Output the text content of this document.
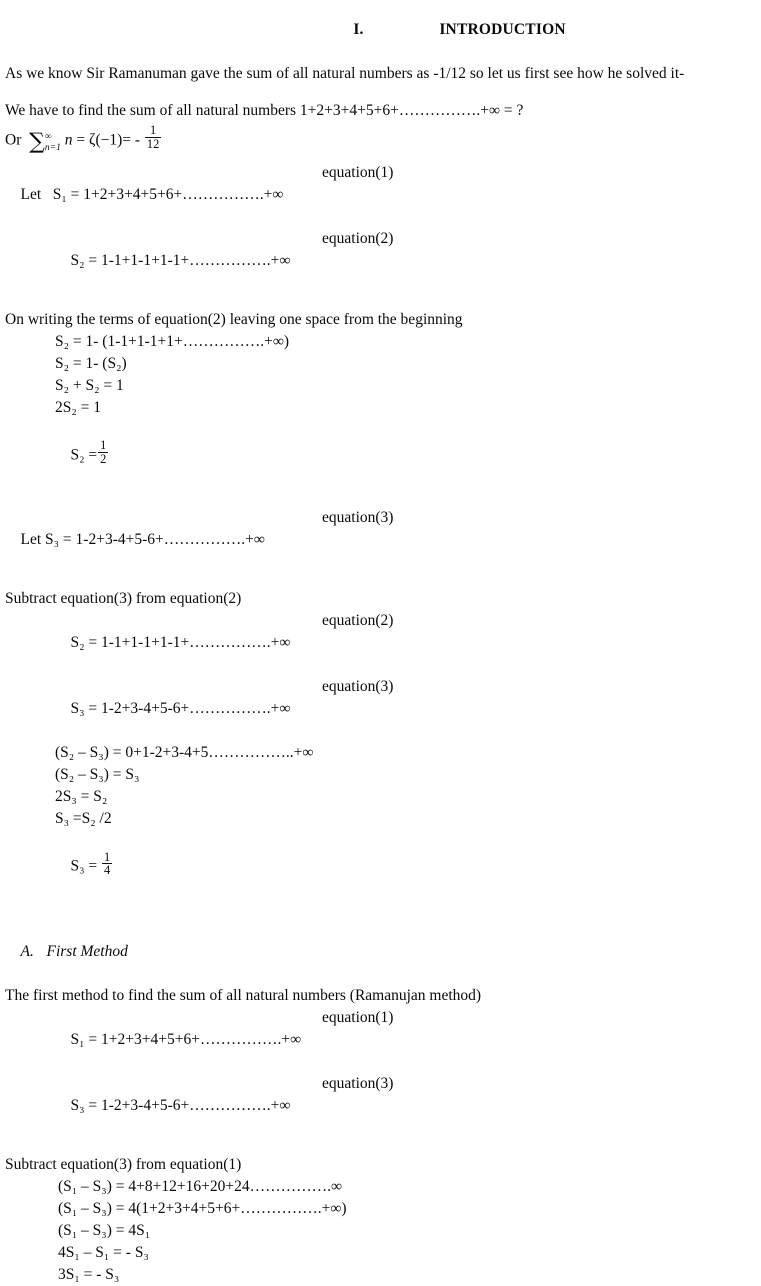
I.	INTRODUCTION

As we know Sir Ramanuman gave the sum of all natural numbers as -1/12 so let us first see how he solved it-

We have to find the sum of all natural numbers 1+2+3+4+5+6+…………….+∞ = ?

Or ∑ ∞
n=1 $n = \zeta(-1)= - \frac{1}{12}$

Let S₁ = 1+2+3+4+5+6+…………….+∞
equation(1)

S₂ = 1-1+1-1+1-1+…………….+∞
equation(2)

On writing the terms of equation(2) leaving one space from the beginning

S₂ = 1- (1-1+1-1+1+…………….+∞)

S₂ = 1- (S₂)

S₂ + S₂ = 1

2S₂ = 1

$S_2 = \frac{1}{2}$

Let S₃ = 1-2+3-4+5-6+…………….+∞
equation(3)

Subtract equation(3) from equation(2)

S₂ = 1-1+1-1+1-1+…………….+∞
equation(2)

S₃ = 1-2+3-4+5-6+…………….+∞
equation(3)

(S₂ – S₃) = 0+1-2+3-4+5……………..+∞

(S₂ – S₃) = S₃

2S₃ = S₂

S₃ =S₂ /2

$S_3 = \frac{1}{4}$

A. First Method

The first method to find the sum of all natural numbers (Ramanujan method)

S₁ = 1+2+3+4+5+6+…………….+∞
equation(1)

S₃ = 1-2+3-4+5-6+…………….+∞
equation(3)

Subtract equation(3) from equation(1)

(S₁ – S₃) = 4+8+12+16+20+24…………….∞

(S₁ – S₃) = 4(1+2+3+4+5+6+…………….+∞)

(S₁ – S₃) = 4S₁

4S₁ – S₁ = - S₃

3S₁ = - S₃
